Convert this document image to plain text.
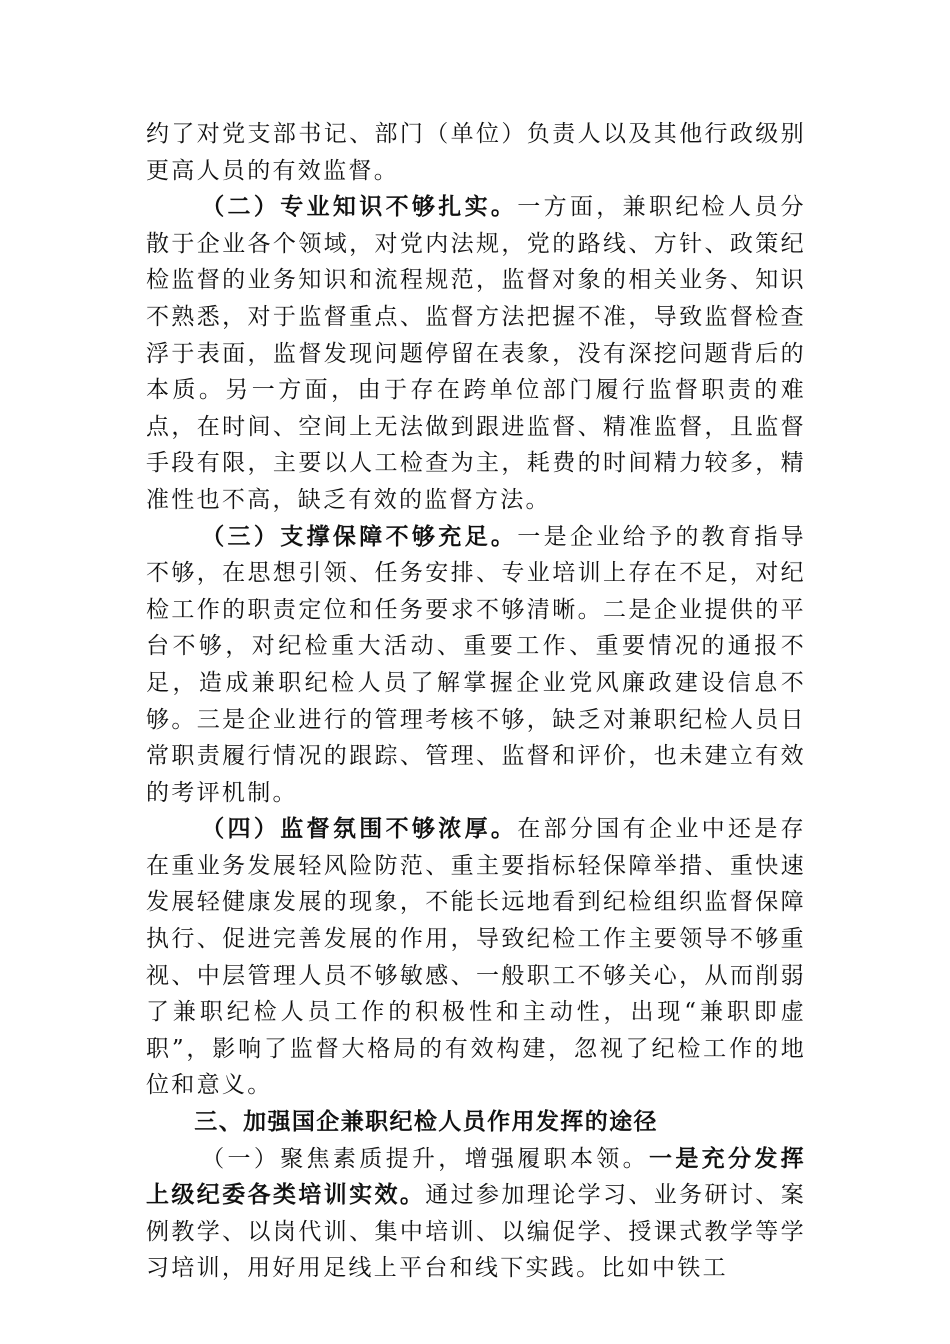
约了对党支部书记、部门（单位）负责人以及其他行政级别更高人员的有效监督。

（二）专业知识不够扎实。一方面，兼职纪检人员分散于企业各个领域，对党内法规，党的路线、方针、政策纪检监督的业务知识和流程规范，监督对象的相关业务、知识不熟悉，对于监督重点、监督方法把握不准，导致监督检查浮于表面，监督发现问题停留在表象，没有深挖问题背后的本质。另一方面，由于存在跨单位部门履行监督职责的难点，在时间、空间上无法做到跟进监督、精准监督，且监督手段有限，主要以人工检查为主，耗费的时间精力较多，精准性也不高，缺乏有效的监督方法。

（三）支撑保障不够充足。一是企业给予的教育指导不够，在思想引领、任务安排、专业培训上存在不足，对纪检工作的职责定位和任务要求不够清晰。二是企业提供的平台不够，对纪检重大活动、重要工作、重要情况的通报不足，造成兼职纪检人员了解掌握企业党风廉政建设信息不够。三是企业进行的管理考核不够，缺乏对兼职纪检人员日常职责履行情况的跟踪、管理、监督和评价，也未建立有效的考评机制。

（四）监督氛围不够浓厚。在部分国有企业中还是存在重业务发展轻风险防范、重主要指标轻保障举措、重快速发展轻健康发展的现象，不能长远地看到纪检组织监督保障执行、促进完善发展的作用，导致纪检工作主要领导不够重视、中层管理人员不够敏感、一般职工不够关心，从而削弱了兼职纪检人员工作的积极性和主动性，出现“兼职即虚职”，影响了监督大格局的有效构建，忽视了纪检工作的地位和意义。

三、加强国企兼职纪检人员作用发挥的途径

（一）聚焦素质提升，增强履职本领。一是充分发挥上级纪委各类培训实效。通过参加理论学习、业务研讨、案例教学、以岗代训、集中培训、以编促学、授课式教学等学习培训，用好用足线上平台和线下实践。比如中铁工
